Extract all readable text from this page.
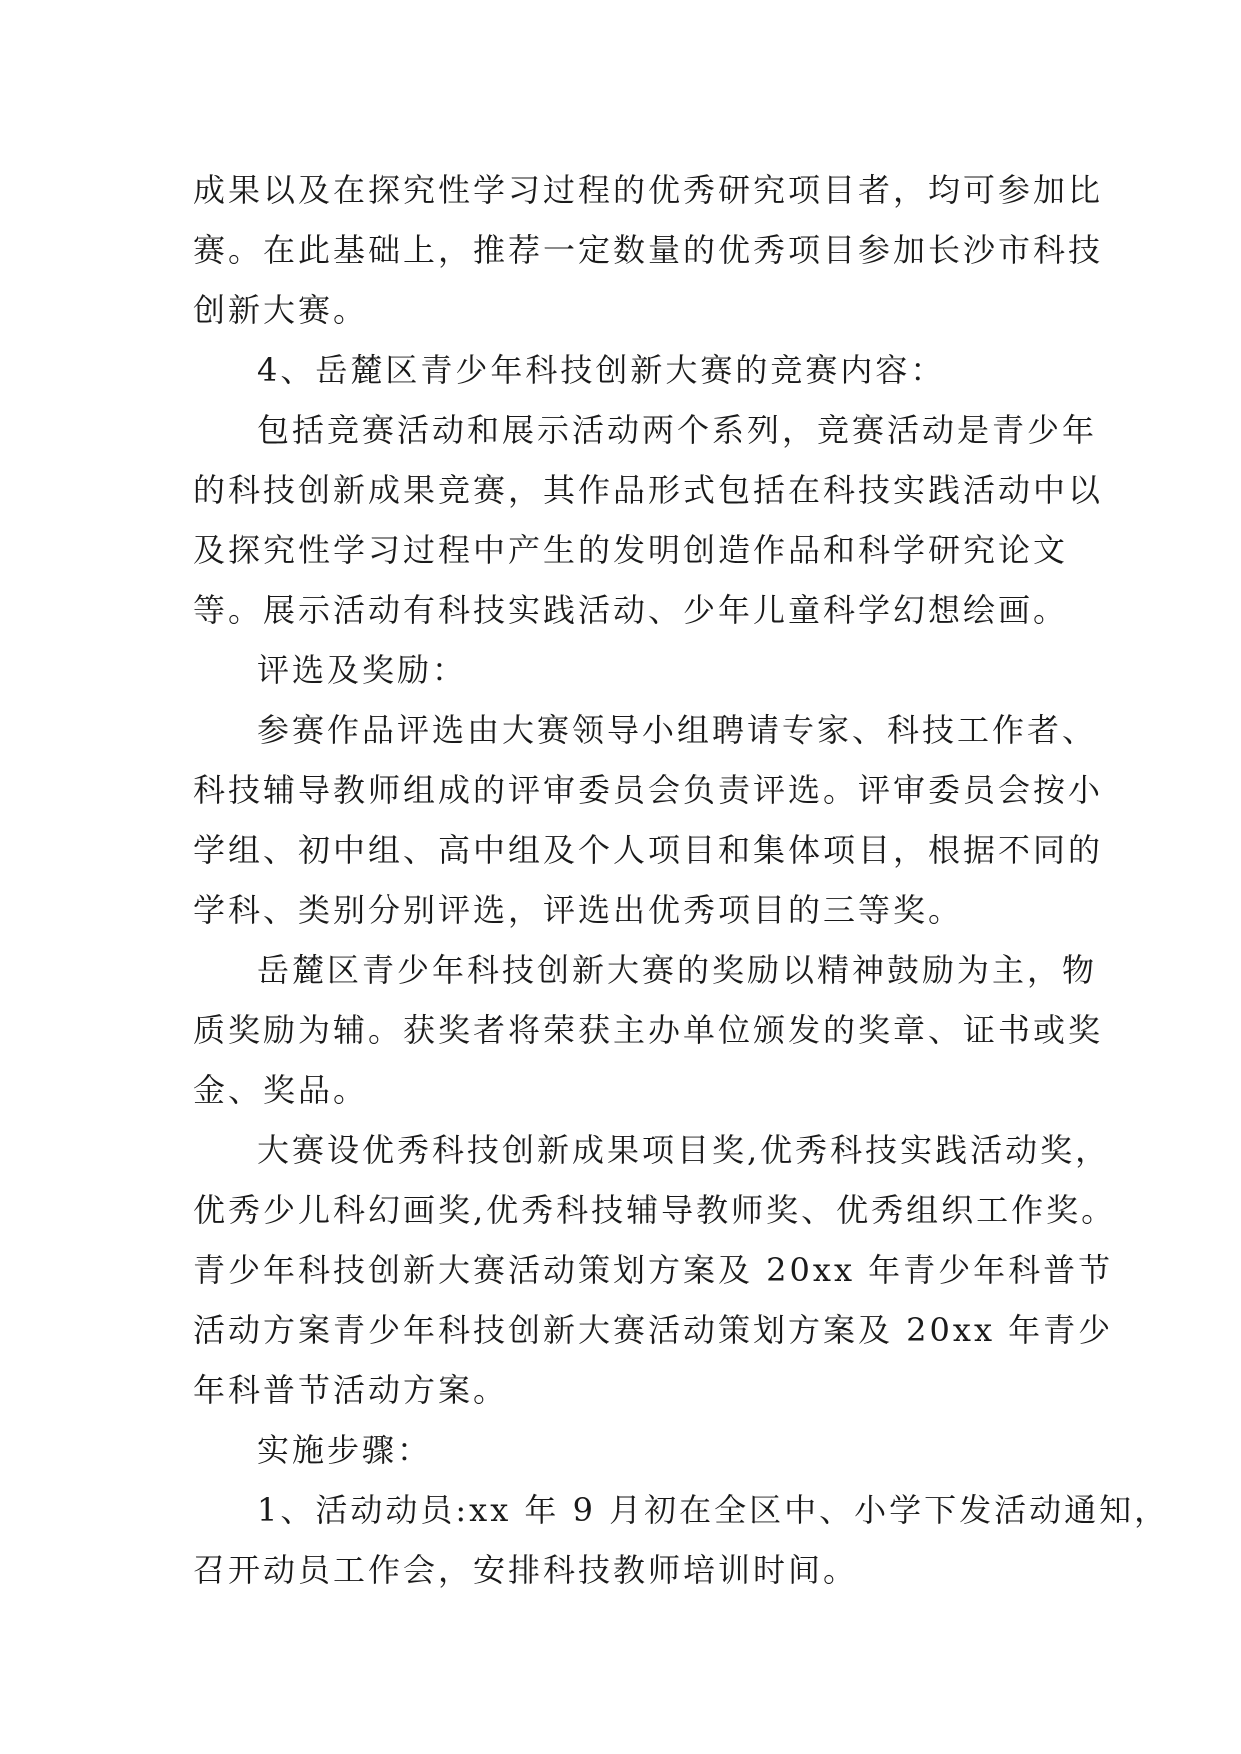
成果以及在探究性学习过程的优秀研究项目者，均可参加比
赛。在此基础上，推荐一定数量的优秀项目参加长沙市科技
创新大赛。
4、岳麓区青少年科技创新大赛的竞赛内容：
包括竞赛活动和展示活动两个系列，竞赛活动是青少年
的科技创新成果竞赛，其作品形式包括在科技实践活动中以
及探究性学习过程中产生的发明创造作品和科学研究论文
等。展示活动有科技实践活动、少年儿童科学幻想绘画。
评选及奖励：
参赛作品评选由大赛领导小组聘请专家、科技工作者、
科技辅导教师组成的评审委员会负责评选。评审委员会按小
学组、初中组、高中组及个人项目和集体项目，根据不同的
学科、类别分别评选，评选出优秀项目的三等奖。
岳麓区青少年科技创新大赛的奖励以精神鼓励为主，物
质奖励为辅。获奖者将荣获主办单位颁发的奖章、证书或奖
金、奖品。
大赛设优秀科技创新成果项目奖,优秀科技实践活动奖，
优秀少儿科幻画奖,优秀科技辅导教师奖、优秀组织工作奖。
青少年科技创新大赛活动策划方案及 20xx 年青少年科普节
活动方案青少年科技创新大赛活动策划方案及 20xx 年青少
年科普节活动方案。
实施步骤：
1、活动动员:xx 年 9 月初在全区中、小学下发活动通知，
召开动员工作会，安排科技教师培训时间。
